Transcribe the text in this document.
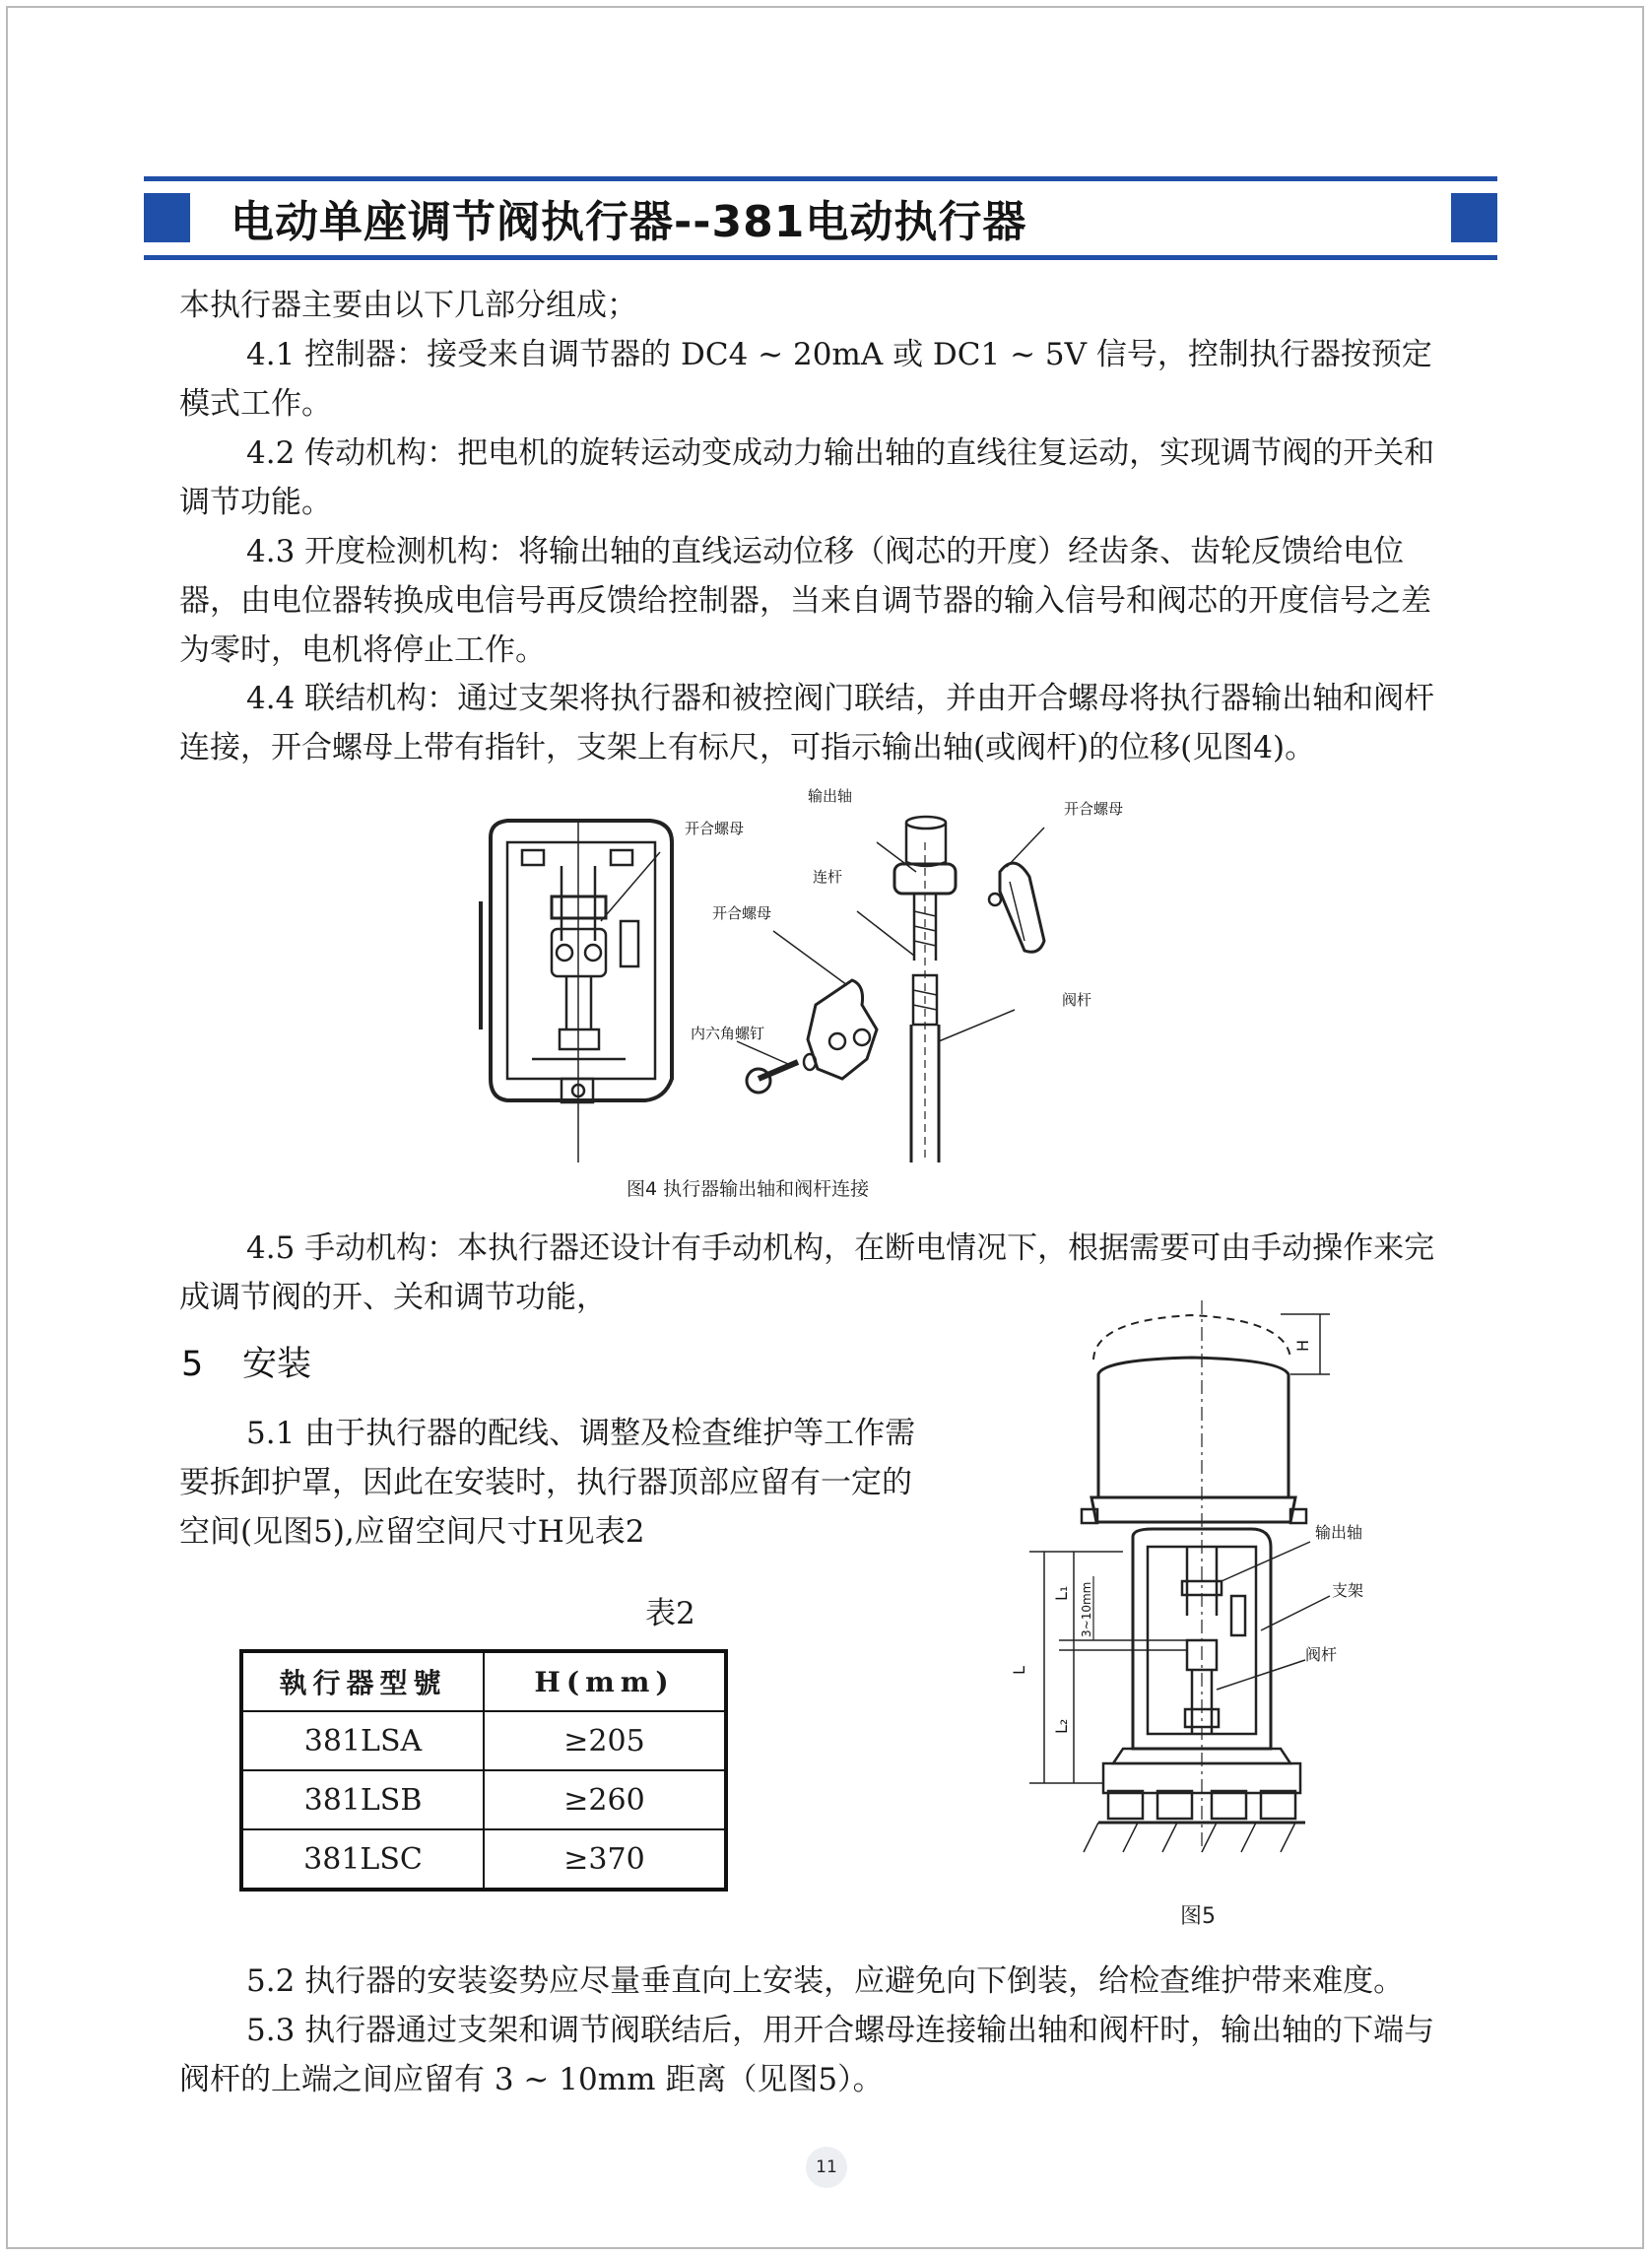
电动单座调节阀执行器--381电动执行器

本执行器主要由以下几部分组成；

4.1 控制器：接受来自调节器的 DC4 ~ 20mA 或 DC1 ~ 5V 信号，控制执行器按预定模式工作。

4.2 传动机构：把电机的旋转运动变成动力输出轴的直线往复运动，实现调节阀的开关和调节功能。

4.3 开度检测机构：将输出轴的直线运动位移（阀芯的开度）经齿条、齿轮反馈给电位器，由电位器转换成电信号再反馈给控制器，当来自调节器的输入信号和阀芯的开度信号之差为零时，电机将停止工作。

4.4 联结机构：通过支架将执行器和被控阀门联结，并由开合螺母将执行器输出轴和阀杆连接，开合螺母上带有指针，支架上有标尺，可指示输出轴(或阀杆)的位移(见图4)。

开合螺母
输出轴
开合螺母
连杆
开合螺母
阀杆
内六角螺钉
图4 执行器输出轴和阀杆连接

4.5 手动机构：本执行器还设计有手动机构，在断电情况下，根据需要可由手动操作来完成调节阀的开、关和调节功能，

5 安装

5.1 由于执行器的配线、调整及检查维护等工作需要拆卸护罩，因此在安装时，执行器顶部应留有一定的空间(见图5),应留空间尺寸H见表2

表2
執行器型號	H(mm)
381LSA	≥205
381LSB	≥260
381LSC	≥370
H
L
L₁
L₂
3~10mm
输出轴
支架
阀杆
图5

5.2 执行器的安装姿势应尽量垂直向上安装，应避免向下倒装，给检查维护带来难度。

5.3 执行器通过支架和调节阀联结后，用开合螺母连接输出轴和阀杆时，输出轴的下端与阀杆的上端之间应留有 3 ~ 10mm 距离（见图5）。

11
